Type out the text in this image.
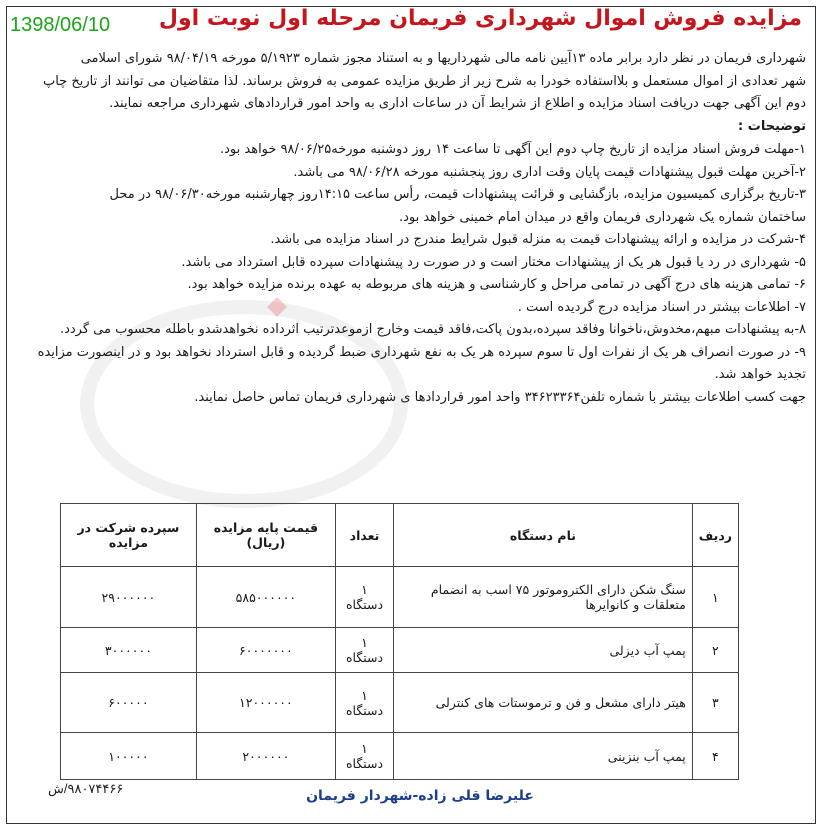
1398/06/10 مزایده فروش اموال شهرداری فریمان مرحله اول نوبت اول

شهرداری فریمان در نظر دارد برابر ماده ۱۳آیین نامه مالی شهرداریها و به استناد مجوز شماره ۵/۱۹۲۳ مورخه ۹۸/۰۴/۱۹ شورای اسلامی

شهر تعدادی از اموال مستعمل و بلااستفاده خودرا به شرح زیر از طریق مزایده عمومی به فروش برساند. لذا متقاضیان می توانند از تاریخ چاپ

دوم این آگهی جهت دریافت اسناد مزایده و اطلاع از شرایط آن در ساعات اداری به واحد امور قراردادهای شهرداری مراجعه نمایند.

توضیحات :

۱-مهلت فروش اسناد مزایده از تاریخ چاپ دوم این آگهی تا ساعت ۱۴ روز دوشنبه مورخه۹۸/۰۶/۲۵ خواهد بود.

۲-آخرین مهلت قبول پیشنهادات قیمت پایان وقت اداری روز پنجشنبه مورخه ۹۸/۰۶/۲۸ می باشد.

۳-تاریخ برگزاری کمیسیون مزایده، بازگشایی و قرائت پیشنهادات قیمت، رأس ساعت ۱۴:۱۵روز چهارشنبه مورخه۹۸/۰۶/۳۰ در محل

ساختمان شماره یک شهرداری فریمان واقع در میدان امام خمینی خواهد بود.

۴-شرکت در مزایده و ارائه پیشنهادات قیمت به منزله قبول شرایط مندرج در اسناد مزایده می باشد.

۵- شهرداری در رد یا قبول هر یک از پیشنهادات مختار است و در صورت رد پیشنهادات سپرده قابل استرداد می باشد.

۶- تمامی هزینه های درج آگهی در تمامی مراحل و کارشناسی و هزینه های مربوطه به عهده برنده مزایده خواهد بود.

۷- اطلاعات بیشتر در اسناد مزایده درج گردیده است .

۸-به پیشنهادات مبهم،مخدوش،ناخوانا وفاقد سپرده،بدون پاکت،فاقد قیمت وخارج ازموعدترتیب اثرداده نخواهدشدو باطله محسوب می گردد.

۹- در صورت انصراف هر یک از نفرات اول تا سوم سپرده هر یک به نفع شهرداری ضبط گردیده و قابل استرداد نخواهد بود و در اینصورت مزایده

تجدید خواهد شد.

جهت کسب اطلاعات بیشتر با شماره تلفن۳۴۶۲۳۳۶۴ واحد امور قراردادها ی شهرداری فریمان تماس حاصل نمایند.

ردیف	نام دستگاه	تعداد	قیمت پایه مزایده (ریال)	سپرده شرکت در مزایده
۱	سنگ شکن دارای الکتروموتور ۷۵ اسب به انضمام متعلقات و کانوایرها	۱ دستگاه	۵۸۵۰۰۰۰۰۰	۲۹۰۰۰۰۰۰
۲	پمپ آب دیزلی	۱ دستگاه	۶۰۰۰۰۰۰۰	۳۰۰۰۰۰۰
۳	هیتر دارای مشعل و فن و ترموستات های کنترلی	۱ دستگاه	۱۲۰۰۰۰۰۰	۶۰۰۰۰۰
۴	پمپ آب بنزینی	۱ دستگاه	۲۰۰۰۰۰۰	۱۰۰۰۰۰
۹۸۰۷۴۴۶۶/ش	علیرضا قلی زاده-شهردار فریمان
